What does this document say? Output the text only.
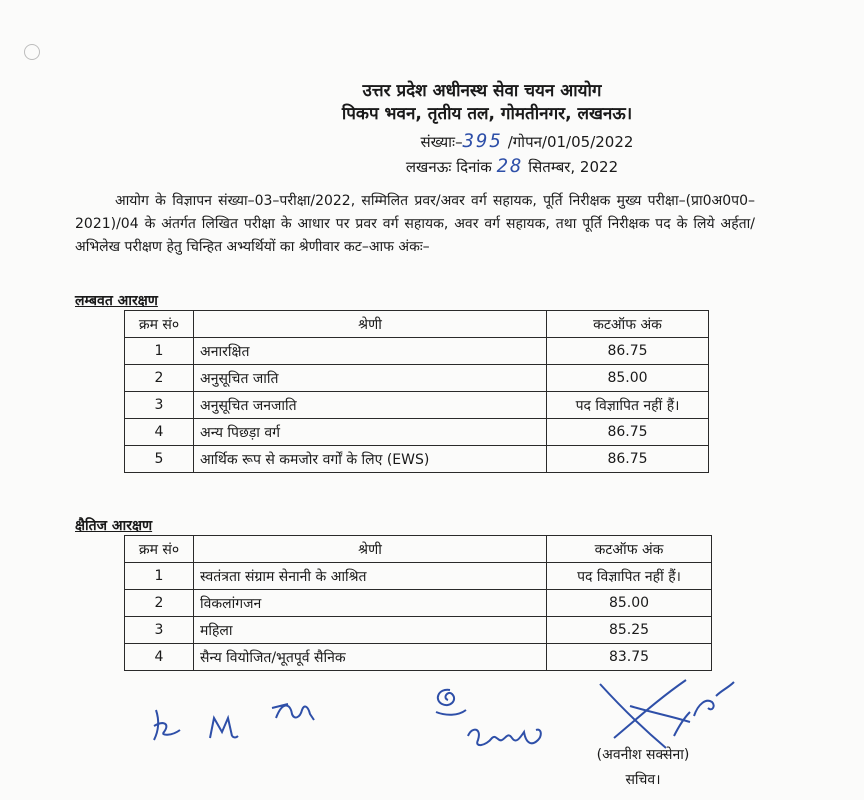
उत्तर प्रदेश अधीनस्थ सेवा चयन आयोग
पिकप भवन, तृतीय तल, गोमतीनगर, लखनऊ।
संख्याः–395 /गोपन/01/05/2022
लखनऊः दिनांक 28 सितम्बर, 2022
आयोग के विज्ञापन संख्या–03–परीक्षा/2022, सम्मिलित प्रवर/अवर वर्ग सहायक, पूर्ति निरीक्षक मुख्य परीक्षा–(प्रा0अ0प0–2021)/04 के अंतर्गत लिखित परीक्षा के आधार पर प्रवर वर्ग सहायक, अवर वर्ग सहायक, तथा पूर्ति निरीक्षक पद के लिये अर्हता/अभिलेख परीक्षण हेतु चिन्हित अभ्यर्थियों का श्रेणीवार कट–आफ अंकः–
लम्बवत आरक्षण
क्रम सं०	श्रेणी	कटऑफ अंक
1	अनारक्षित	86.75
2	अनुसूचित जाति	85.00
3	अनुसूचित जनजाति	पद विज्ञापित नहीं हैं।
4	अन्य पिछड़ा वर्ग	86.75
5	आर्थिक रूप से कमजोर वर्गों के लिए (EWS)	86.75
क्षैतिज आरक्षण
क्रम सं०	श्रेणी	कटऑफ अंक
1	स्वतंत्रता संग्राम सेनानी के आश्रित	पद विज्ञापित नहीं हैं।
2	विकलांगजन	85.00
3	महिला	85.25
4	सैन्य वियोजित/भूतपूर्व सैनिक	83.75
(अवनीश सक्सेना)
सचिव।
